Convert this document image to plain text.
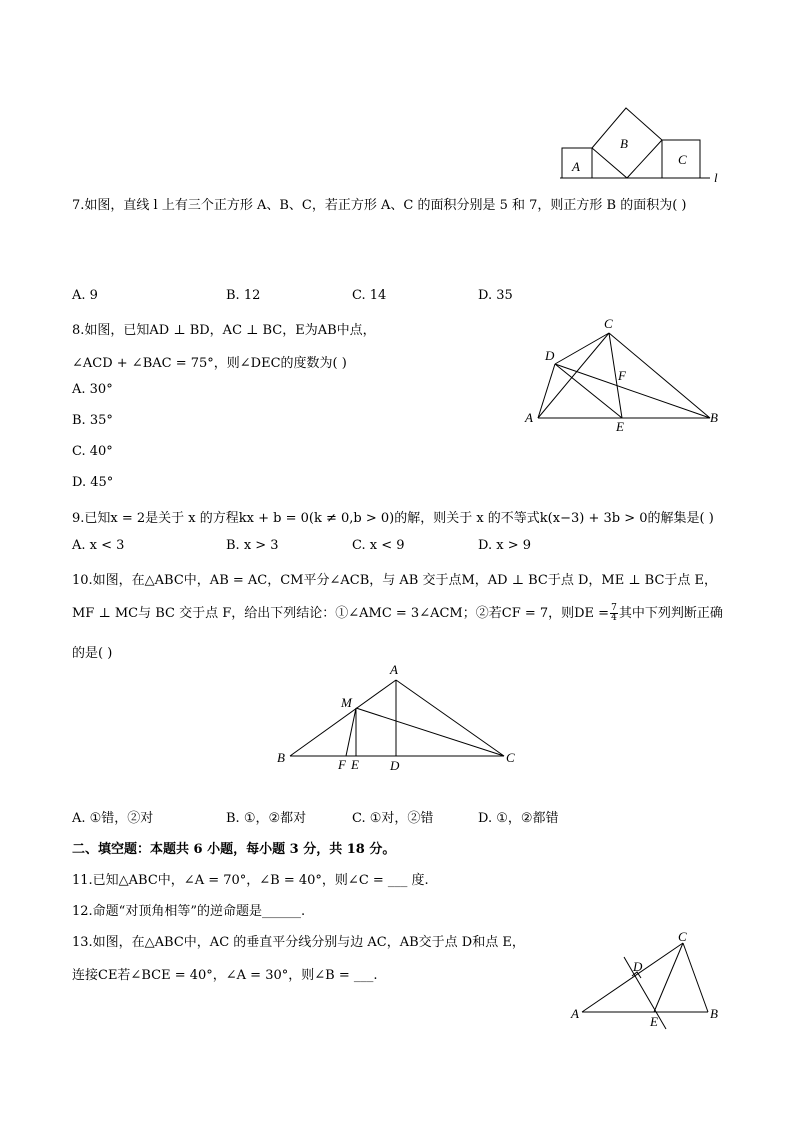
A
B
C
l
7.如图，直线 l 上有三个正方形 A、B、C，若正方形 A、C 的面积分别是 5 和 7，则正方形 B 的面积为( )
A. 9	B. 12	C. 14	D. 35
8.如图，已知AD ⊥ BD，AC ⊥ BC，E为AB中点，
∠ACD + ∠BAC = 75°，则∠DEC的度数为( )
A. 30°
B. 35°
C. 40°
D. 45°
C
D
F
A
E
B
9.已知x = 2是关于 x 的方程kx + b = 0(k ≠ 0,b > 0)的解，则关于 x 的不等式k(x−3) + 3b > 0的解集是( )
A. x < 3	B. x > 3	C. x < 9	D. x > 9
10.如图，在△ABC中，AB = AC，CM平分∠ACB，与 AB 交于点M，AD ⊥ BC于点 D，ME ⊥ BC于点 E，
MF ⊥ MC与 BC 交于点 F，给出下列结论：①∠AMC = 3∠ACM；②若CF = 7，则DE = $\frac{7}{4}$ 其中下列判断正确
的是( )
A
M
B	C
F E D
A. ①错，②对	B. ①，②都对	C. ①对，②错	D. ①，②都错
二、填空题：本题共 6 小题，每小题 3 分，共 18 分。
11.已知△ABC中，∠A = 70°，∠B = 40°，则∠C = ___ 度.
12.命题“对顶角相等”的逆命题是______.
13.如图，在△ABC中，AC 的垂直平分线分别与边 AC，AB交于点 D和点 E，
连接CE若∠BCE = 40°，∠A = 30°，则∠B = ___.
C
D
A
E
B
